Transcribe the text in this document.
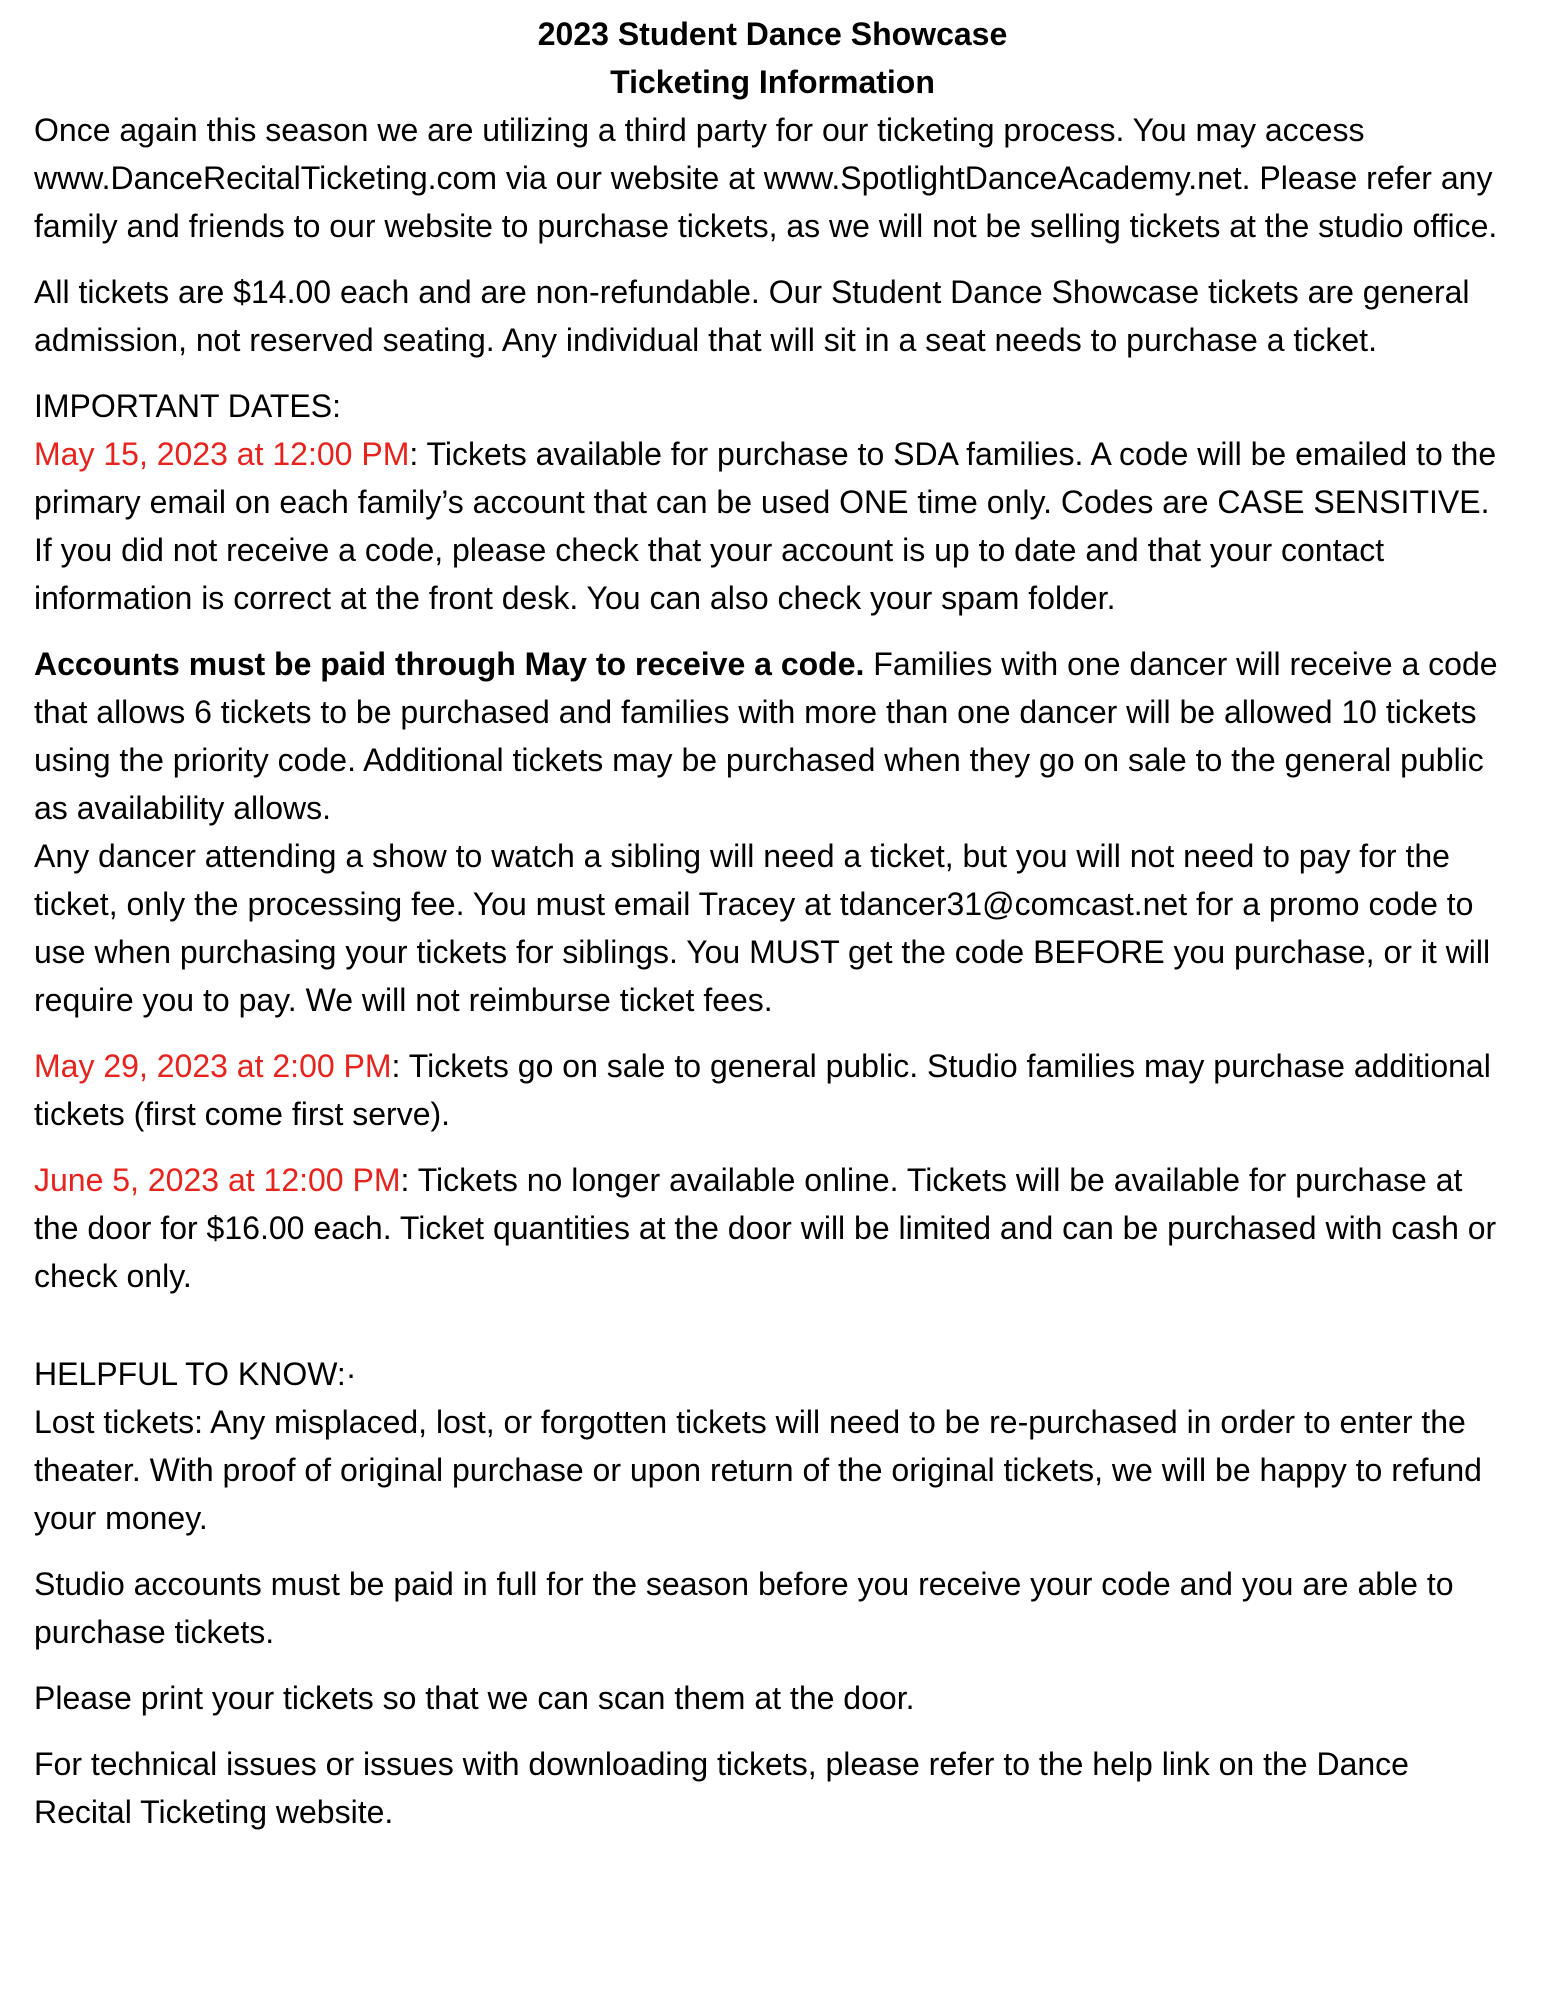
2023 Student Dance Showcase
Ticketing Information

Once again this season we are utilizing a third party for our ticketing process. You may access www.DanceRecitalTicketing.com via our website at www.SpotlightDanceAcademy.net. Please refer any family and friends to our website to purchase tickets, as we will not be selling tickets at the studio office.

All tickets are $14.00 each and are non-refundable. Our Student Dance Showcase tickets are general admission, not reserved seating. Any individual that will sit in a seat needs to purchase a ticket.

IMPORTANT DATES:

May 15, 2023 at 12:00 PM: Tickets available for purchase to SDA families. A code will be emailed to the primary email on each family’s account that can be used ONE time only. Codes are CASE SENSITIVE. If you did not receive a code, please check that your account is up to date and that your contact information is correct at the front desk. You can also check your spam folder.

Accounts must be paid through May to receive a code. Families with one dancer will receive a code that allows 6 tickets to be purchased and families with more than one dancer will be allowed 10 tickets using the priority code. Additional tickets may be purchased when they go on sale to the general public as availability allows.

Any dancer attending a show to watch a sibling will need a ticket, but you will not need to pay for the ticket, only the processing fee. You must email Tracey at tdancer31@comcast.net for a promo code to use when purchasing your tickets for siblings. You MUST get the code BEFORE you purchase, or it will require you to pay. We will not reimburse ticket fees.

May 29, 2023 at 2:00 PM: Tickets go on sale to general public. Studio families may purchase additional tickets (first come first serve).

June 5, 2023 at 12:00 PM: Tickets no longer available online. Tickets will be available for purchase at the door for $16.00 each. Ticket quantities at the door will be limited and can be purchased with cash or check only.

HELPFUL TO KNOW:·

Lost tickets: Any misplaced, lost, or forgotten tickets will need to be re-purchased in order to enter the theater. With proof of original purchase or upon return of the original tickets, we will be happy to refund your money.

Studio accounts must be paid in full for the season before you receive your code and you are able to purchase tickets.

Please print your tickets so that we can scan them at the door.

For technical issues or issues with downloading tickets, please refer to the help link on the Dance Recital Ticketing website.
